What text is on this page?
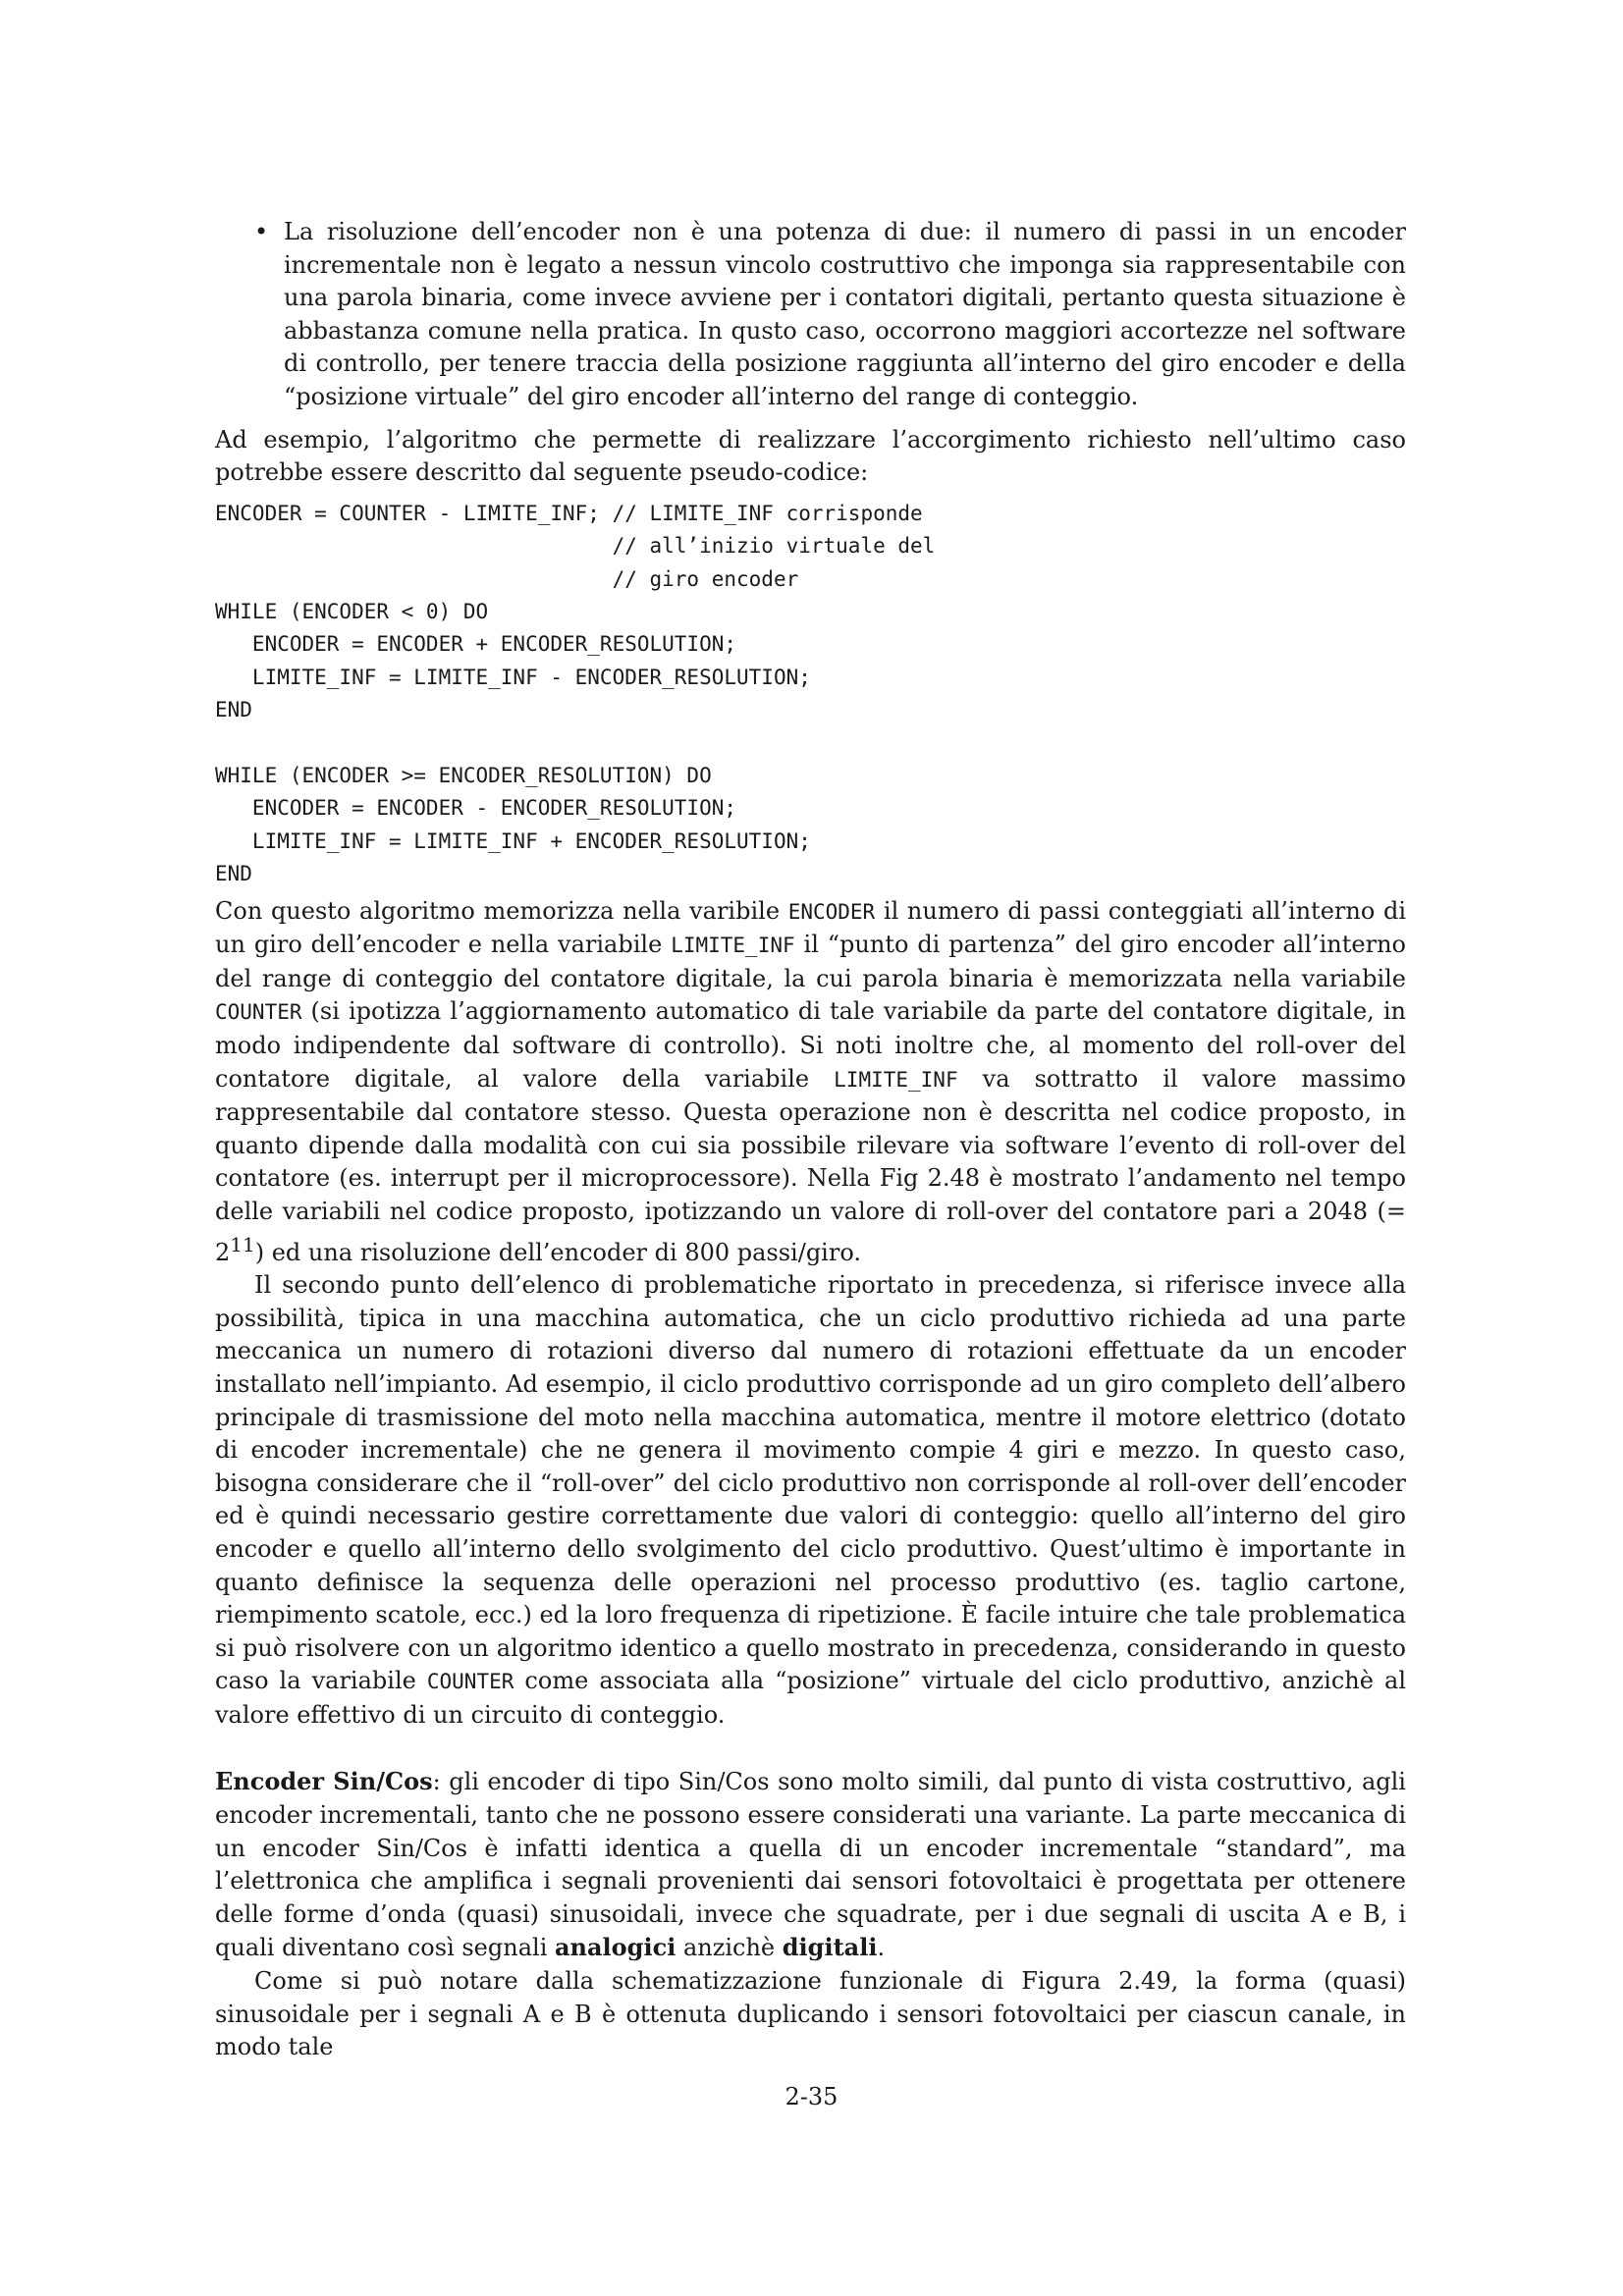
• La risoluzione dell’encoder non è una potenza di due: il numero di passi in un encoder incrementale non è legato a nessun vincolo costruttivo che imponga sia rappresentabile con una parola binaria, come invece avviene per i contatori digitali, pertanto questa situazione è abbastanza comune nella pratica. In qusto caso, occorrono maggiori accortezze nel software di controllo, per tenere traccia della posizione raggiunta all’interno del giro encoder e della “posizione virtuale” del giro encoder all’interno del range di conteggio.

Ad esempio, l’algoritmo che permette di realizzare l’accorgimento richiesto nell’ultimo caso potrebbe essere descritto dal seguente pseudo-codice:

ENCODER = COUNTER - LIMITE_INF; // LIMITE_INF corrisponde
// all’inizio virtuale del
// giro encoder
WHILE (ENCODER < 0) DO
ENCODER = ENCODER + ENCODER_RESOLUTION;
LIMITE_INF = LIMITE_INF - ENCODER_RESOLUTION;
END

WHILE (ENCODER >= ENCODER_RESOLUTION) DO
ENCODER = ENCODER - ENCODER_RESOLUTION;
LIMITE_INF = LIMITE_INF + ENCODER_RESOLUTION;
END

Con questo algoritmo memorizza nella varibile ENCODER il numero di passi conteggiati all’interno di un giro dell’encoder e nella variabile LIMITE_INF il “punto di partenza” del giro encoder all’interno del range di conteggio del contatore digitale, la cui parola binaria è memorizzata nella variabile COUNTER (si ipotizza l’aggiornamento automatico di tale variabile da parte del contatore digitale, in modo indipendente dal software di controllo). Si noti inoltre che, al momento del roll-over del contatore digitale, al valore della variabile LIMITE_INF va sottratto il valore massimo rappresentabile dal contatore stesso. Questa operazione non è descritta nel codice proposto, in quanto dipende dalla modalità con cui sia possibile rilevare via software l’evento di roll-over del contatore (es. interrupt per il microprocessore). Nella Fig 2.48 è mostrato l’andamento nel tempo delle variabili nel codice proposto, ipotizzando un valore di roll-over del contatore pari a 2048 (= $2^{11}$) ed una risoluzione dell’encoder di 800 passi/giro.

Il secondo punto dell’elenco di problematiche riportato in precedenza, si riferisce invece alla possibilità, tipica in una macchina automatica, che un ciclo produttivo richieda ad una parte meccanica un numero di rotazioni diverso dal numero di rotazioni effettuate da un encoder installato nell’impianto. Ad esempio, il ciclo produttivo corrisponde ad un giro completo dell’albero principale di trasmissione del moto nella macchina automatica, mentre il motore elettrico (dotato di encoder incrementale) che ne genera il movimento compie 4 giri e mezzo. In questo caso, bisogna considerare che il “roll-over” del ciclo produttivo non corrisponde al roll-over dell’encoder ed è quindi necessario gestire correttamente due valori di conteggio: quello all’interno del giro encoder e quello all’interno dello svolgimento del ciclo produttivo. Quest’ultimo è importante in quanto definisce la sequenza delle operazioni nel processo produttivo (es. taglio cartone, riempimento scatole, ecc.) ed la loro frequenza di ripetizione. È facile intuire che tale problematica si può risolvere con un algoritmo identico a quello mostrato in precedenza, considerando in questo caso la variabile COUNTER come associata alla “posizione” virtuale del ciclo produttivo, anzichè al valore effettivo di un circuito di conteggio.

Encoder Sin/Cos: gli encoder di tipo Sin/Cos sono molto simili, dal punto di vista costruttivo, agli encoder incrementali, tanto che ne possono essere considerati una variante. La parte meccanica di un encoder Sin/Cos è infatti identica a quella di un encoder incrementale “standard”, ma l’elettronica che amplifica i segnali provenienti dai sensori fotovoltaici è progettata per ottenere delle forme d’onda (quasi) sinusoidali, invece che squadrate, per i due segnali di uscita A e B, i quali diventano così segnali analogici anzichè digitali.

Come si può notare dalla schematizzazione funzionale di Figura 2.49, la forma (quasi) sinusoidale per i segnali A e B è ottenuta duplicando i sensori fotovoltaici per ciascun canale, in modo tale

2-35
